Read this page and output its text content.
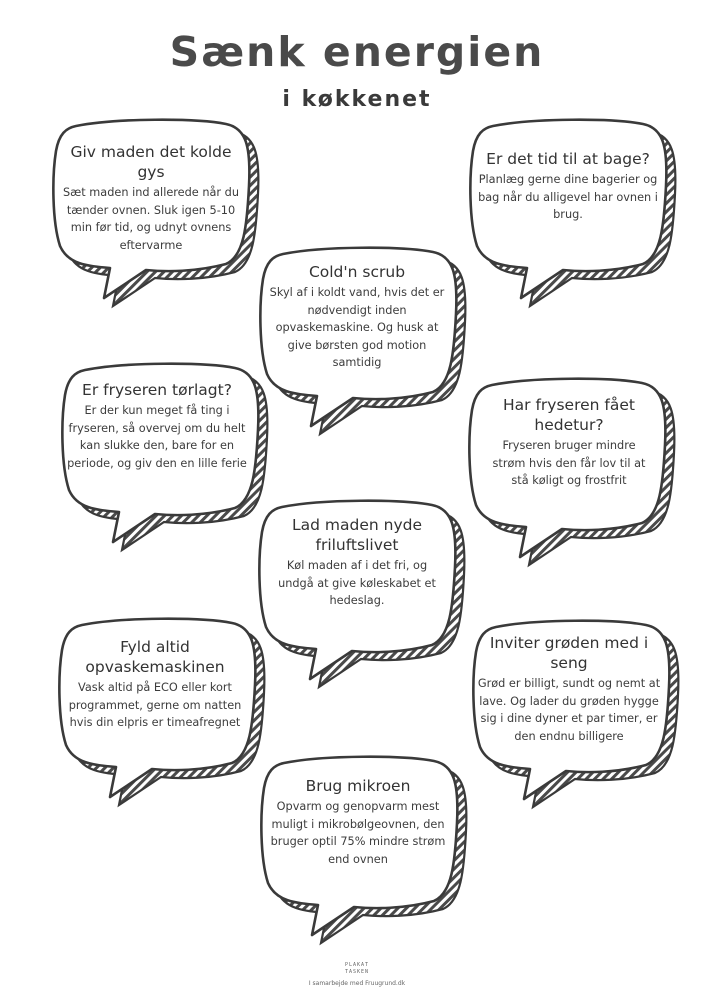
Sænk energien
i køkkenet
Giv maden det kolde gys
Sæt maden ind allerede når du tænder ovnen. Sluk igen 5-10 min før tid, og udnyt ovnens eftervarme
Er det tid til at bage?
Planlæg gerne dine bagerier og bag når du alligevel har ovnen i brug.
Cold'n scrub
Skyl af i koldt vand, hvis det er nødvendigt inden opvaskemaskine. Og husk at give børsten god motion samtidig
Er fryseren tørlagt?
Er der kun meget få ting i fryseren, så overvej om du helt kan slukke den, bare for en periode, og giv den en lille ferie
Har fryseren fået hedetur?
Fryseren bruger mindre strøm hvis den får lov til at stå køligt og frostfrit
Lad maden nyde friluftslivet
Køl maden af i det fri, og undgå at give køleskabet et hedeslag.
Fyld altid opvaskemaskinen
Vask altid på ECO eller kort programmet, gerne om natten hvis din elpris er timeafregnet
Inviter grøden med i seng
Grød er billigt, sundt og nemt at lave. Og lader du grøden hygge sig i dine dyner et par timer, er den endnu billigere
Brug mikroen
Opvarm og genopvarm mest muligt i mikrobølgeovnen, den bruger optil 75% mindre strøm end ovnen
PLAKAT
TASKEN
I samarbejde med Fruugrund.dk
